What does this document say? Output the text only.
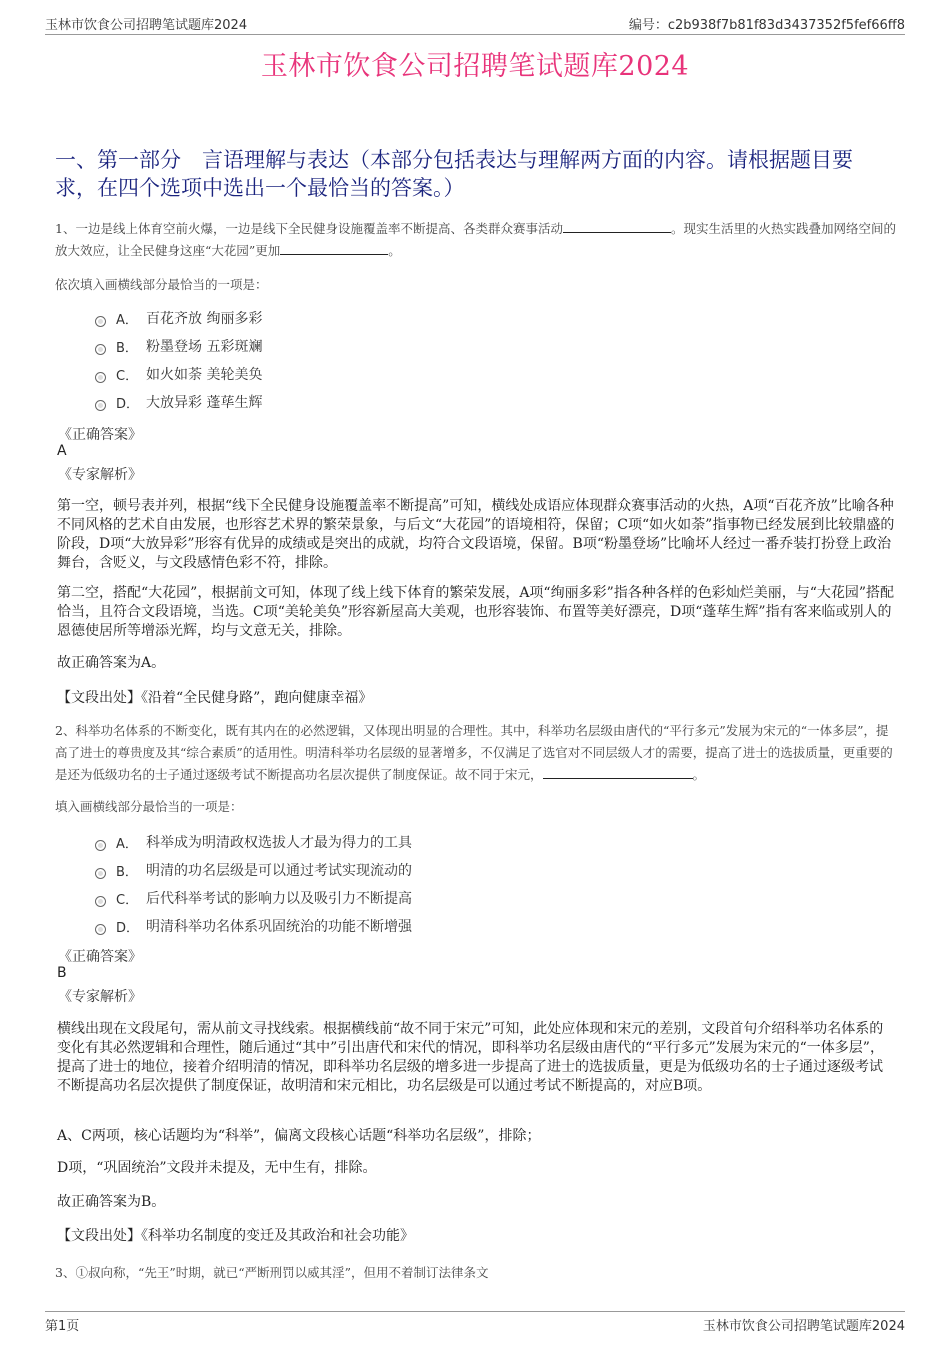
玉林市饮食公司招聘笔试题库2024	编号：c2b938f7b81f83d3437352f5fef66ff8
玉林市饮食公司招聘笔试题库2024
一、第一部分　言语理解与表达（本部分包括表达与理解两方面的内容。请根据题目要求，在四个选项中选出一个最恰当的答案。）
1、一边是线上体育空前火爆，一边是线下全民健身设施覆盖率不断提高、各类群众赛事活动	。现实生活里的火热实践叠加网络空间的放大效应，让全民健身这座“大花园”更加	。
依次填入画横线部分最恰当的一项是：
A． 百花齐放 绚丽多彩
B． 粉墨登场 五彩斑斓
C． 如火如荼 美轮美奂
D． 大放异彩 蓬荜生辉
《正确答案》
A
《专家解析》
第一空，顿号表并列，根据“线下全民健身设施覆盖率不断提高”可知，横线处成语应体现群众赛事活动的火热，A项“百花齐放”比喻各种不同风格的艺术自由发展，也形容艺术界的繁荣景象，与后文“大花园”的语境相符，保留；C项“如火如荼”指事物已经发展到比较鼎盛的阶段，D项“大放异彩”形容有优异的成绩或是突出的成就，均符合文段语境，保留。B项“粉墨登场”比喻坏人经过一番乔装打扮登上政治舞台，含贬义，与文段感情色彩不符，排除。
第二空，搭配“大花园”，根据前文可知，体现了线上线下体育的繁荣发展，A项“绚丽多彩”指各种各样的色彩灿烂美丽，与“大花园”搭配恰当，且符合文段语境，当选。C项“美轮美奂”形容新屋高大美观，也形容装饰、布置等美好漂亮，D项“蓬荜生辉”指有客来临或别人的恩德使居所等增添光辉，均与文意无关，排除。
故正确答案为A。
【文段出处】《沿着“全民健身路”，跑向健康幸福》
2、科举功名体系的不断变化，既有其内在的必然逻辑，又体现出明显的合理性。其中，科举功名层级由唐代的“平行多元”发展为宋元的“一体多层”，提高了进士的尊贵度及其“综合素质”的适用性。明清科举功名层级的显著增多，不仅满足了选官对不同层级人才的需要，提高了进士的选拔质量，更重要的是还为低级功名的士子通过逐级考试不断提高功名层次提供了制度保证。故不同于宋元，	。
填入画横线部分最恰当的一项是：
A． 科举成为明清政权选拔人才最为得力的工具
B． 明清的功名层级是可以通过考试实现流动的
C． 后代科举考试的影响力以及吸引力不断提高
D． 明清科举功名体系巩固统治的功能不断增强
《正确答案》
B
《专家解析》
横线出现在文段尾句，需从前文寻找线索。根据横线前“故不同于宋元”可知，此处应体现和宋元的差别，文段首句介绍科举功名体系的变化有其必然逻辑和合理性，随后通过“其中”引出唐代和宋代的情况，即科举功名层级由唐代的“平行多元”发展为宋元的“一体多层”，提高了进士的地位，接着介绍明清的情况，即科举功名层级的增多进一步提高了进士的选拔质量，更是为低级功名的士子通过逐级考试不断提高功名层次提供了制度保证，故明清和宋元相比，功名层级是可以通过考试不断提高的，对应B项。
A、C两项，核心话题均为“科举”，偏离文段核心话题“科举功名层级”，排除；
D项，“巩固统治”文段并未提及，无中生有，排除。
故正确答案为B。
【文段出处】《科举功名制度的变迁及其政治和社会功能》
3、①叔向称，“先王”时期，就已“严断刑罚以威其淫”，但用不着制订法律条文
第1页	玉林市饮食公司招聘笔试题库2024
